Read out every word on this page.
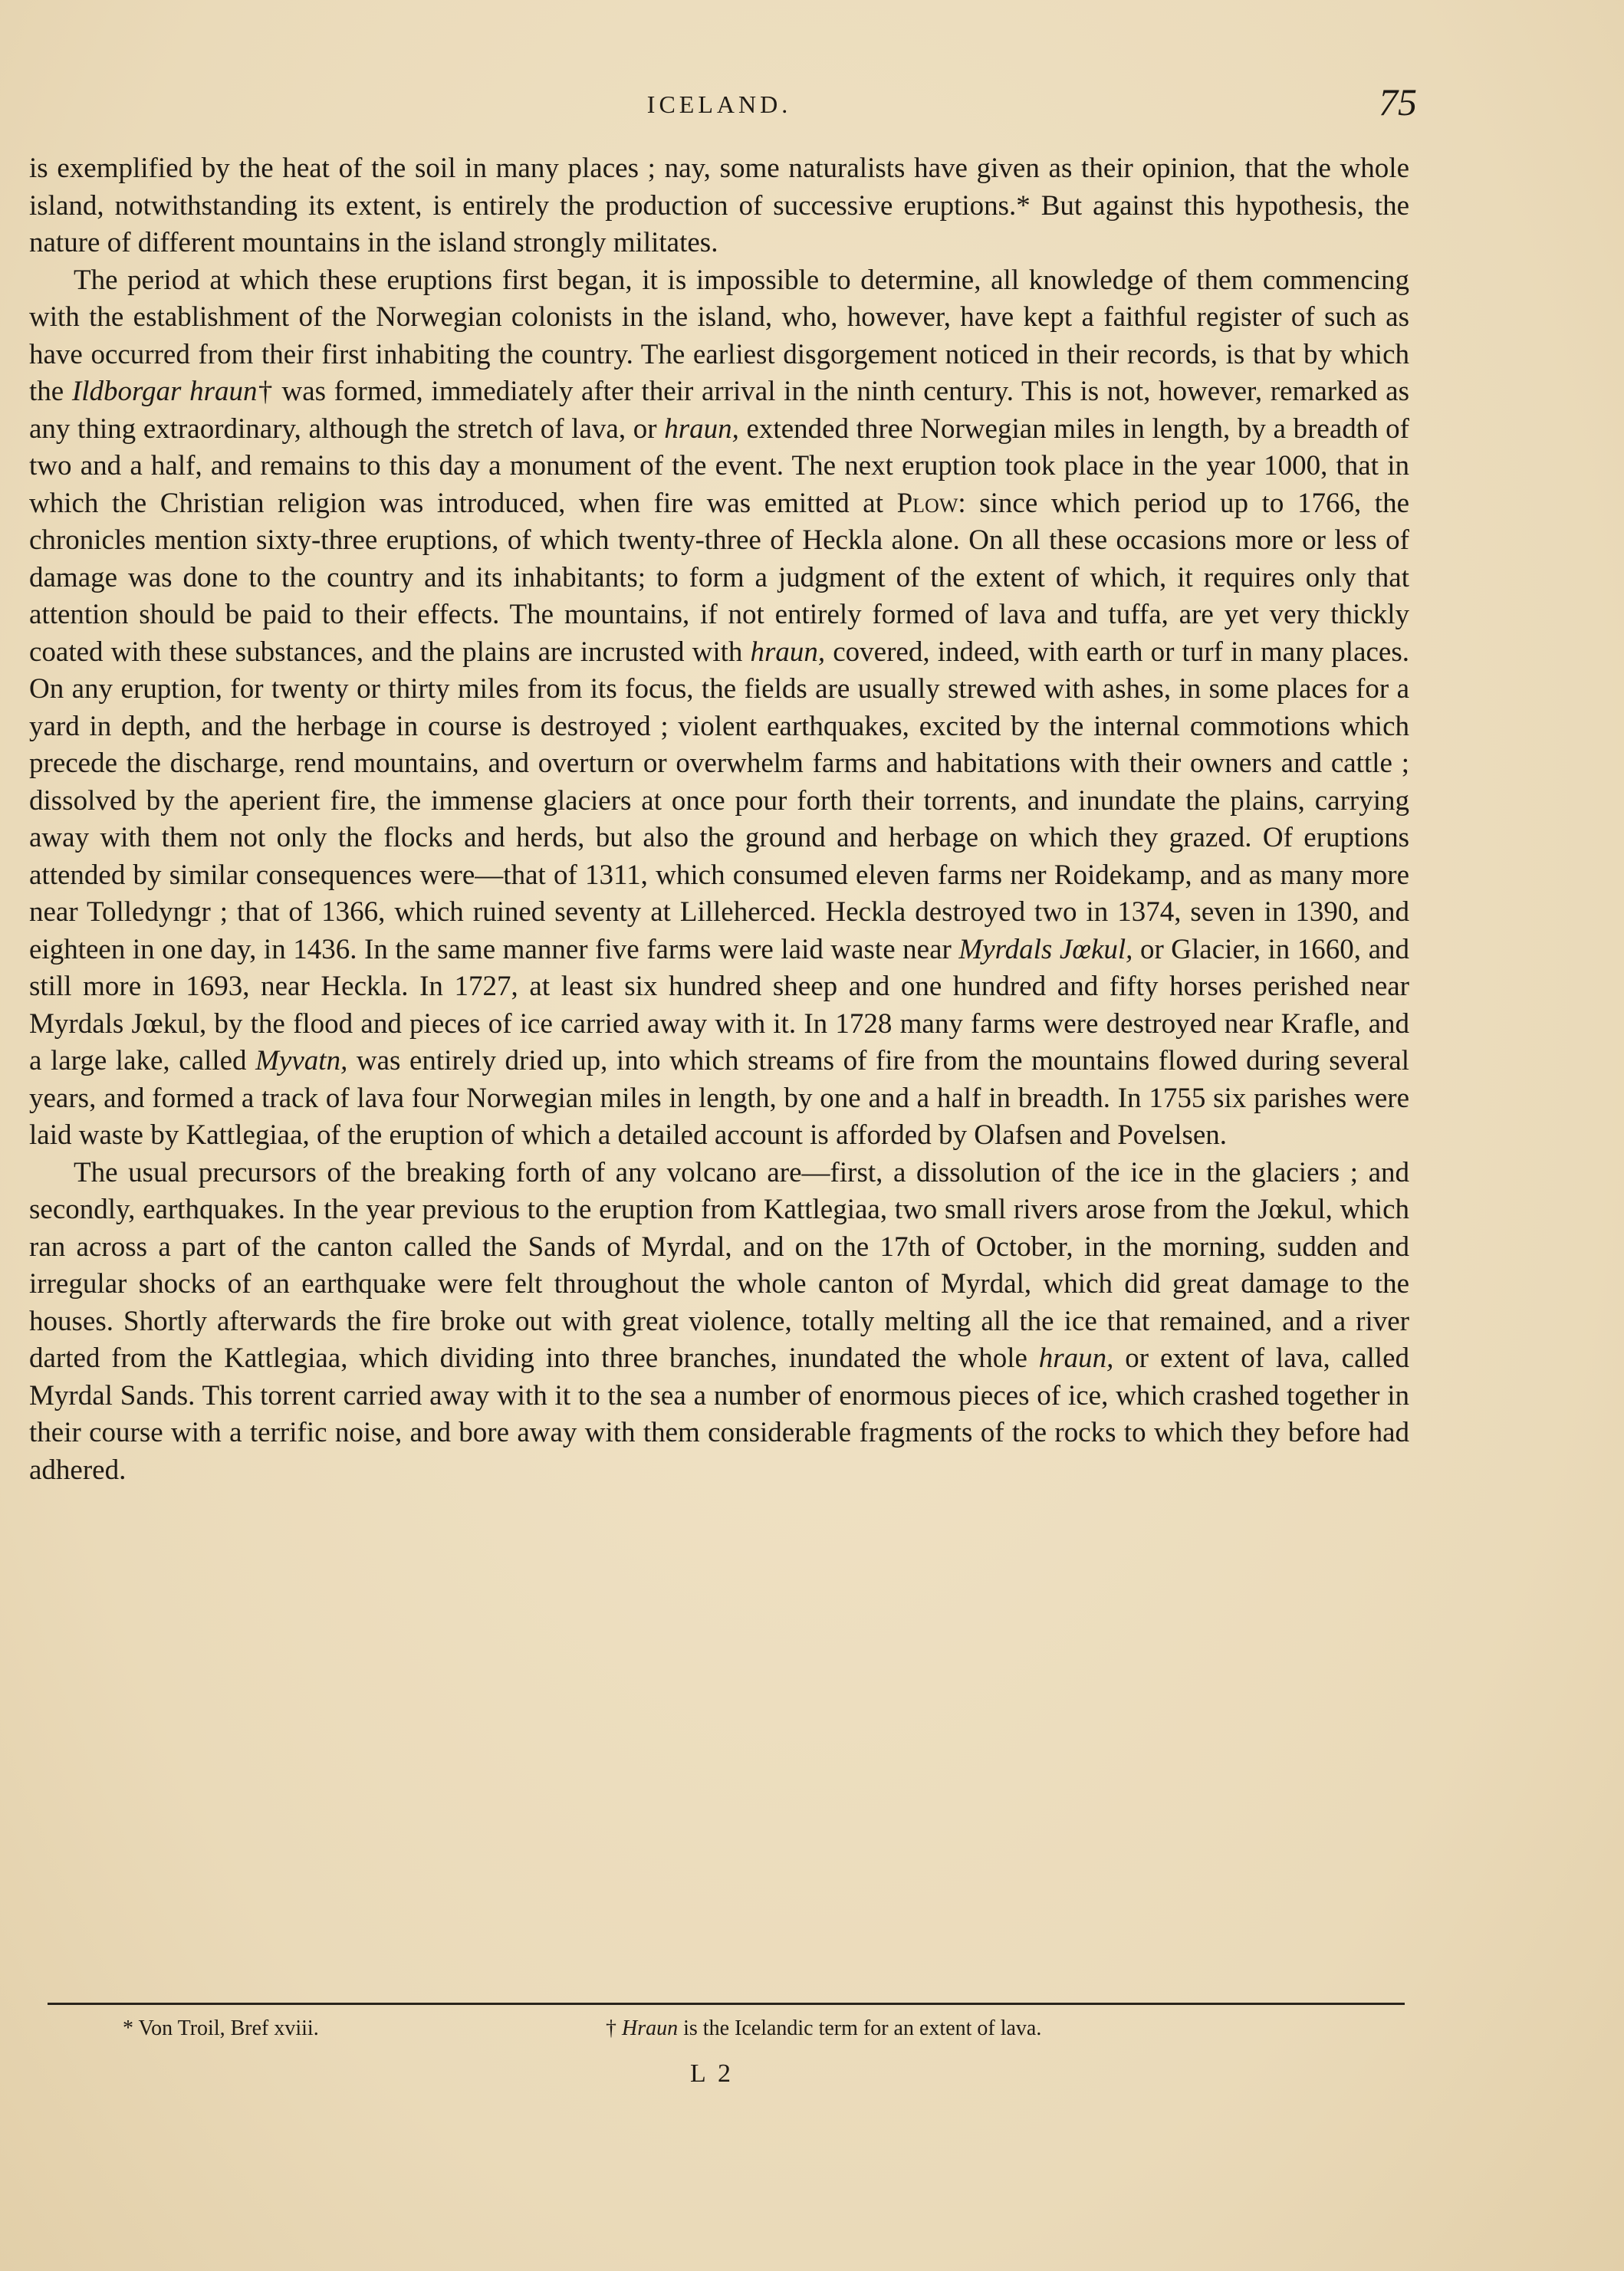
ICELAND.	75

is exemplified by the heat of the soil in many places ; nay, some naturalists have given as their opinion, that the whole island, notwithstanding its extent, is entirely the production of successive eruptions.* But against this hypothesis, the nature of different mountains in the island strongly militates.

The period at which these eruptions first began, it is impossible to determine, all knowledge of them commencing with the establishment of the Norwegian colonists in the island, who, however, have kept a faithful register of such as have occurred from their first inhabiting the country. The earliest disgorgement noticed in their records, is that by which the Ildborgar hraun† was formed, immediately after their arrival in the ninth century. This is not, however, remarked as any thing extraordinary, although the stretch of lava, or hraun, extended three Norwegian miles in length, by a breadth of two and a half, and remains to this day a monument of the event. The next eruption took place in the year 1000, that in which the Christian religion was introduced, when fire was emitted at Plow: since which period up to 1766, the chronicles mention sixty-three eruptions, of which twenty-three of Heckla alone. On all these occasions more or less of damage was done to the country and its inhabitants; to form a judgment of the extent of which, it requires only that attention should be paid to their effects. The mountains, if not entirely formed of lava and tuffa, are yet very thickly coated with these substances, and the plains are incrusted with hraun, covered, indeed, with earth or turf in many places. On any eruption, for twenty or thirty miles from its focus, the fields are usually strewed with ashes, in some places for a yard in depth, and the herbage in course is destroyed ; violent earthquakes, excited by the internal commotions which precede the discharge, rend mountains, and overturn or overwhelm farms and habitations with their owners and cattle ; dissolved by the aperient fire, the immense glaciers at once pour forth their torrents, and inundate the plains, carrying away with them not only the flocks and herds, but also the ground and herbage on which they grazed. Of eruptions attended by similar consequences were—that of 1311, which consumed eleven farms ner Roidekamp, and as many more near Tolledyngr ; that of 1366, which ruined seventy at Lilleherced. Heckla destroyed two in 1374, seven in 1390, and eighteen in one day, in 1436. In the same manner five farms were laid waste near Myrdals Jœkul, or Glacier, in 1660, and still more in 1693, near Heckla. In 1727, at least six hundred sheep and one hundred and fifty horses perished near Myrdals Jœkul, by the flood and pieces of ice carried away with it. In 1728 many farms were destroyed near Krafle, and a large lake, called Myvatn, was entirely dried up, into which streams of fire from the mountains flowed during several years, and formed a track of lava four Norwegian miles in length, by one and a half in breadth. In 1755 six parishes were laid waste by Kattlegiaa, of the eruption of which a detailed account is afforded by Olafsen and Povelsen.

The usual precursors of the breaking forth of any volcano are—first, a dissolution of the ice in the glaciers ; and secondly, earthquakes. In the year previous to the eruption from Kattlegiaa, two small rivers arose from the Jœkul, which ran across a part of the canton called the Sands of Myrdal, and on the 17th of October, in the morning, sudden and irregular shocks of an earthquake were felt throughout the whole canton of Myrdal, which did great damage to the houses. Shortly afterwards the fire broke out with great violence, totally melting all the ice that remained, and a river darted from the Kattlegiaa, which dividing into three branches, inundated the whole hraun, or extent of lava, called Myrdal Sands. This torrent carried away with it to the sea a number of enormous pieces of ice, which crashed together in their course with a terrific noise, and bore away with them considerable fragments of the rocks to which they before had adhered.

* Von Troil, Bref xviii.	† Hraun is the Icelandic term for an extent of lava.
L 2
